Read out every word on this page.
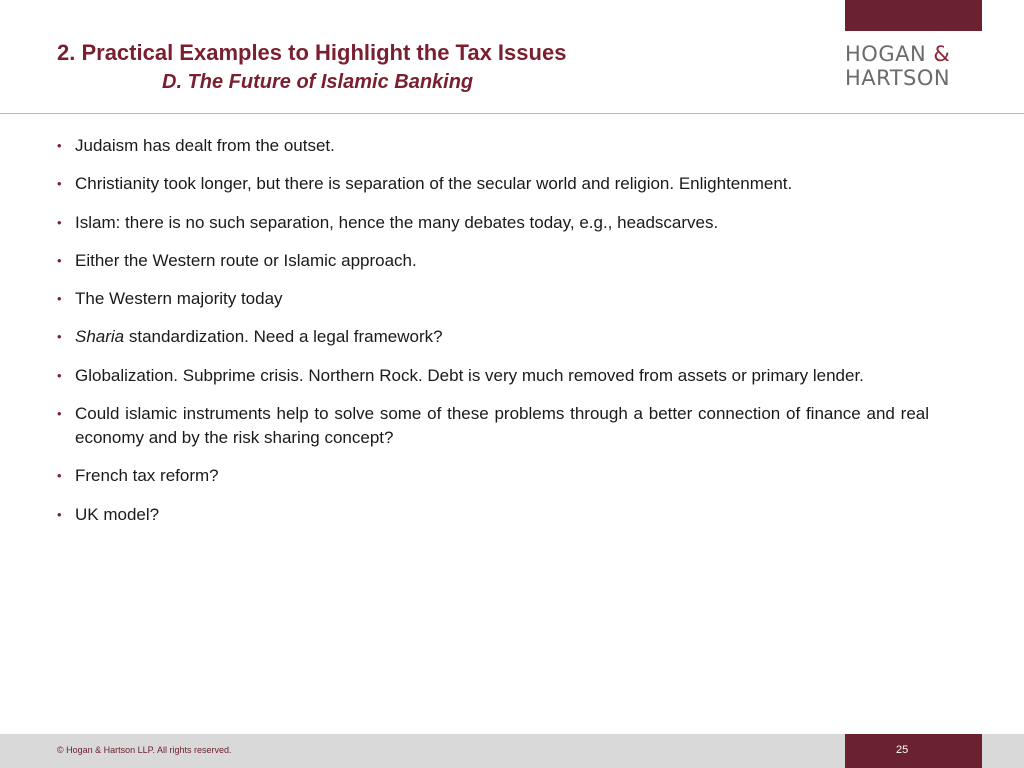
2. Practical Examples to Highlight the Tax Issues
D. The Future of Islamic Banking
HOGAN &
HARTSON
• Judaism has dealt from the outset.
• Christianity took longer, but there is separation of the secular world and religion. Enlightenment.
• Islam: there is no such separation, hence the many debates today, e.g., headscarves.
• Either the Western route or Islamic approach.
• The Western majority today
• Sharia standardization. Need a legal framework?
• Globalization. Subprime crisis. Northern Rock. Debt is very much removed from assets or primary lender.
• Could islamic instruments help to solve some of these problems through a better connection of finance and real economy and by the risk sharing concept?
• French tax reform?
• UK model?
© Hogan & Hartson LLP. All rights reserved.	25
